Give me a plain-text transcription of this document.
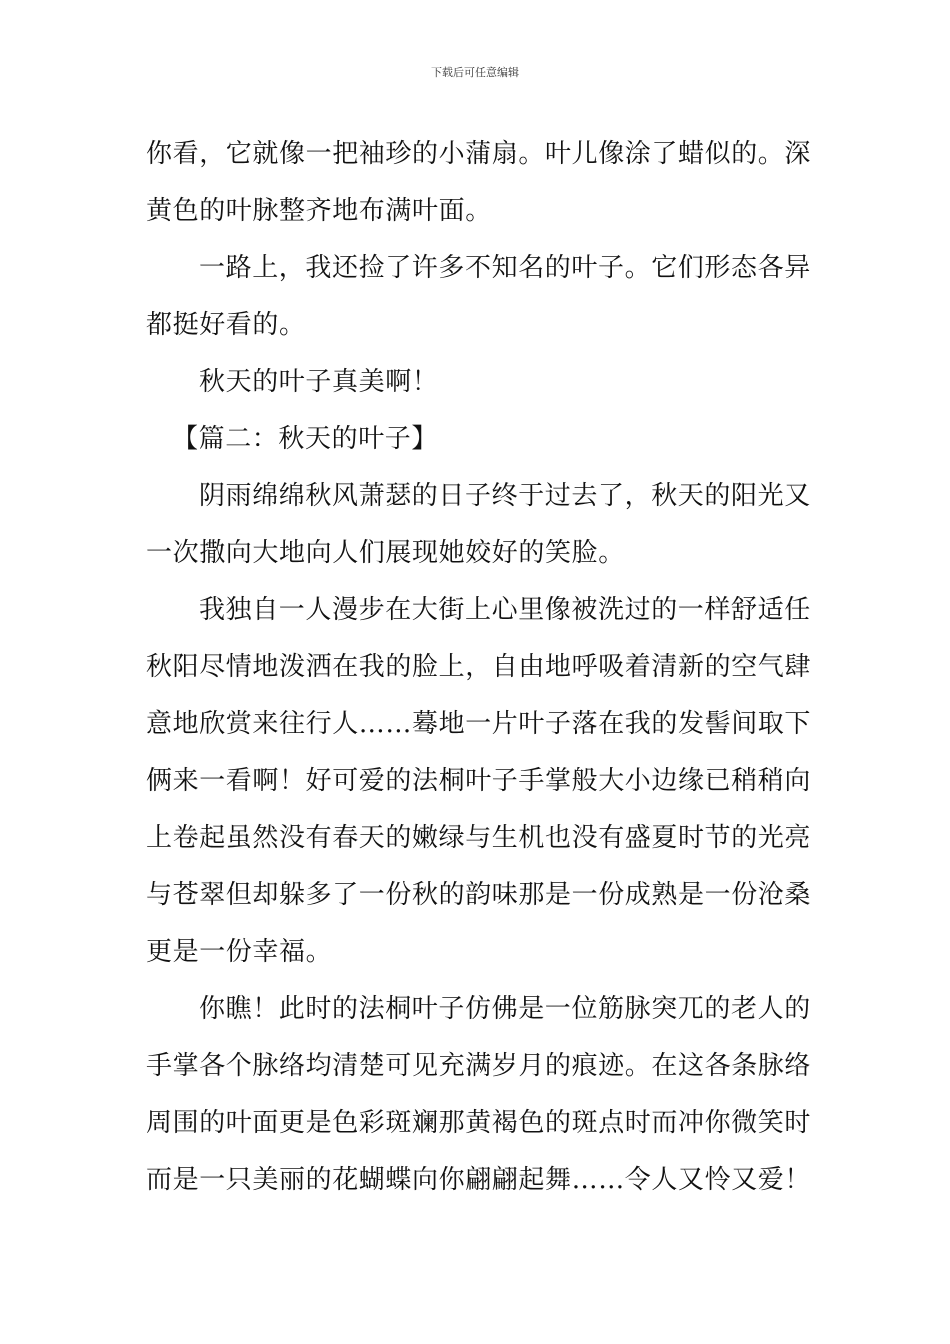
下载后可任意编辑
你看，它就像一把袖珍的小蒲扇。叶儿像涂了蜡似的。深
黄色的叶脉整齐地布满叶面。
一路上，我还捡了许多不知名的叶子。它们形态各异
都挺好看的。
秋天的叶子真美啊！
【篇二：秋天的叶子】
阴雨绵绵秋风萧瑟的日子终于过去了，秋天的阳光又
一次撒向大地向人们展现她姣好的笑脸。
我独自一人漫步在大街上心里像被洗过的一样舒适任
秋阳尽情地泼洒在我的脸上，自由地呼吸着清新的空气肆
意地欣赏来往行人……蓦地一片叶子落在我的发髻间取下
俩来一看啊！好可爱的法桐叶子手掌般大小边缘已稍稍向
上卷起虽然没有春天的嫩绿与生机也没有盛夏时节的光亮
与苍翠但却躲多了一份秋的韵味那是一份成熟是一份沧桑
更是一份幸福。
你瞧！此时的法桐叶子仿佛是一位筋脉突兀的老人的
手掌各个脉络均清楚可见充满岁月的痕迹。在这各条脉络
周围的叶面更是色彩斑斓那黄褐色的斑点时而冲你微笑时
而是一只美丽的花蝴蝶向你翩翩起舞……令人又怜又爱！
